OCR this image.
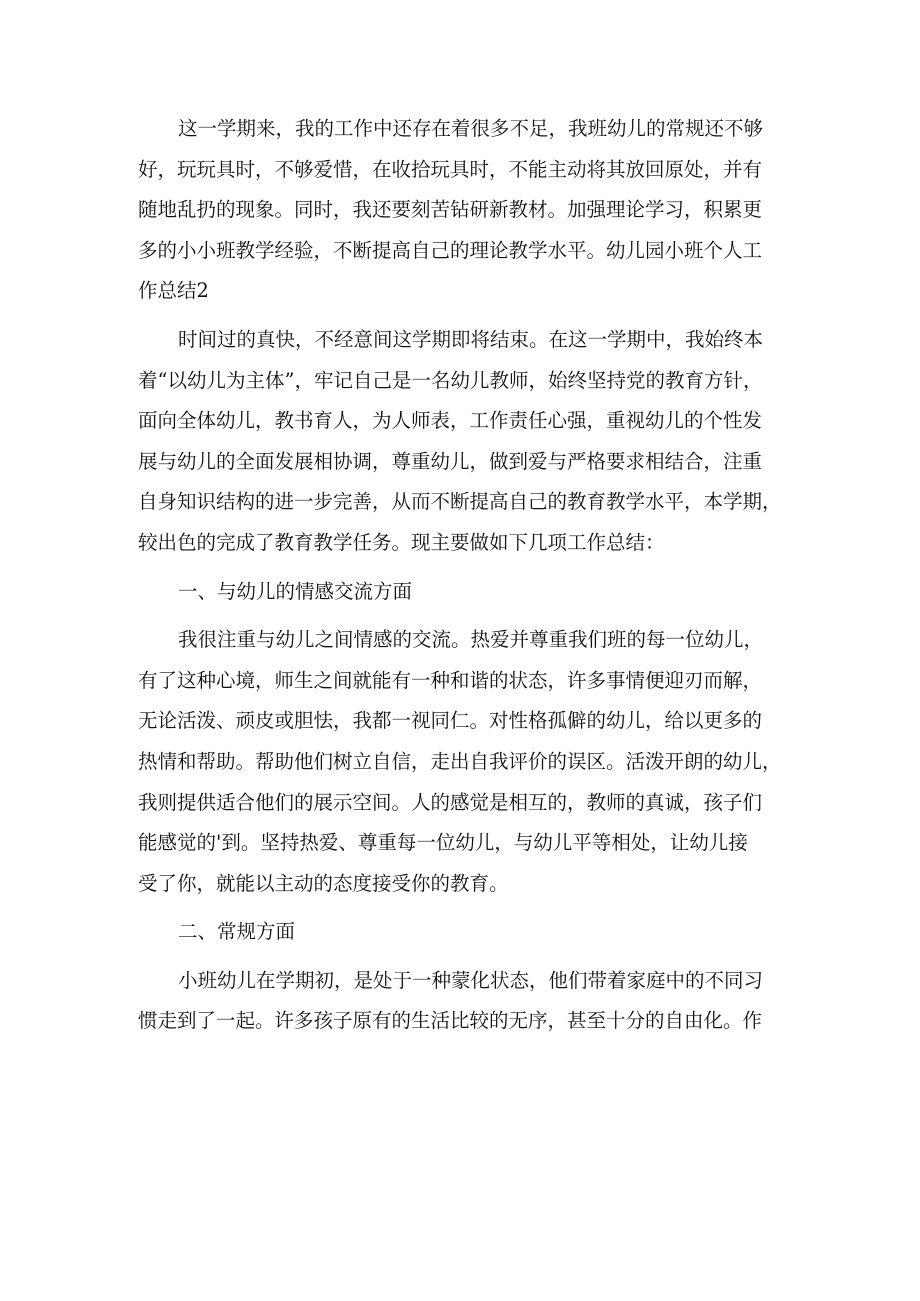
这一学期来，我的工作中还存在着很多不足，我班幼儿的常规还不够
好，玩玩具时，不够爱惜，在收拾玩具时，不能主动将其放回原处，并有
随地乱扔的现象。同时，我还要刻苦钻研新教材。加强理论学习，积累更
多的小小班教学经验，不断提高自己的理论教学水平。幼儿园小班个人工
作总结2
时间过的真快，不经意间这学期即将结束。在这一学期中，我始终本
着“以幼儿为主体”，牢记自己是一名幼儿教师，始终坚持党的教育方针，
面向全体幼儿，教书育人，为人师表，工作责任心强，重视幼儿的个性发
展与幼儿的全面发展相协调，尊重幼儿，做到爱与严格要求相结合，注重
自身知识结构的进一步完善，从而不断提高自己的教育教学水平，本学期，
较出色的完成了教育教学任务。现主要做如下几项工作总结：
一、与幼儿的情感交流方面
我很注重与幼儿之间情感的交流。热爱并尊重我们班的每一位幼儿，
有了这种心境，师生之间就能有一种和谐的状态，许多事情便迎刃而解，
无论活泼、顽皮或胆怯，我都一视同仁。对性格孤僻的幼儿，给以更多的
热情和帮助。帮助他们树立自信，走出自我评价的误区。活泼开朗的幼儿，
我则提供适合他们的展示空间。人的感觉是相互的，教师的真诚，孩子们
能感觉的'到。坚持热爱、尊重每一位幼儿，与幼儿平等相处，让幼儿接
受了你，就能以主动的态度接受你的教育。
二、常规方面
小班幼儿在学期初，是处于一种蒙化状态，他们带着家庭中的不同习
惯走到了一起。许多孩子原有的生活比较的无序，甚至十分的自由化。作
